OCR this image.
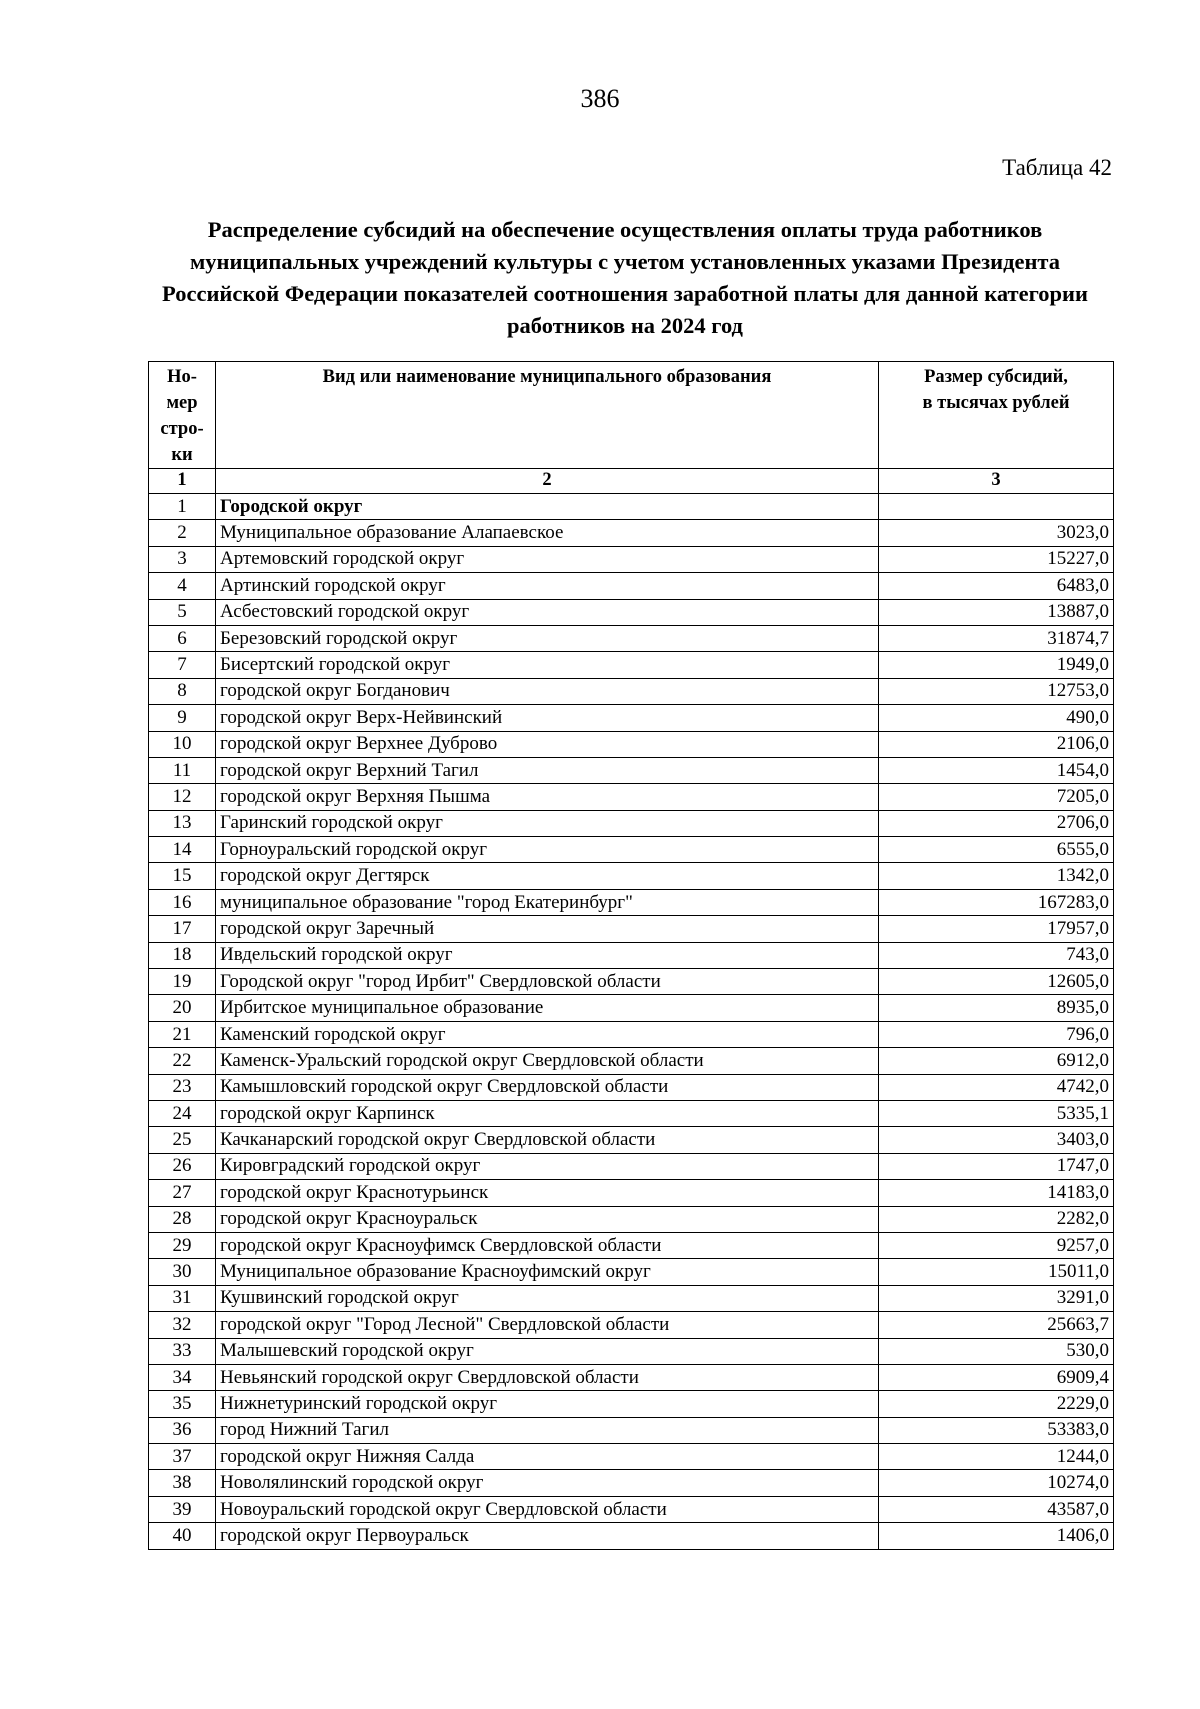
386
Таблица 42
Распределение субсидий на обеспечение осуществления оплаты труда работников муниципальных учреждений культуры с учетом установленных указами Президента Российской Федерации показателей соотношения заработной платы для данной категории работников на 2024 год
Но-
мер
стро-
ки	Вид или наименование муниципального образования	Размер субсидий,
в тысячах рублей
1	2	3
1	Городской округ	
2	Муниципальное образование Алапаевское	3023,0
3	Артемовский городской округ	15227,0
4	Артинский городской округ	6483,0
5	Асбестовский городской округ	13887,0
6	Березовский городской округ	31874,7
7	Бисертский городской округ	1949,0
8	городской округ Богданович	12753,0
9	городской округ Верх-Нейвинский	490,0
10	городской округ Верхнее Дуброво	2106,0
11	городской округ Верхний Тагил	1454,0
12	городской округ Верхняя Пышма	7205,0
13	Гаринский городской округ	2706,0
14	Горноуральский городской округ	6555,0
15	городской округ Дегтярск	1342,0
16	муниципальное образование "город Екатеринбург"	167283,0
17	городской округ Заречный	17957,0
18	Ивдельский городской округ	743,0
19	Городской округ "город Ирбит" Свердловской области	12605,0
20	Ирбитское муниципальное образование	8935,0
21	Каменский городской округ	796,0
22	Каменск-Уральский городской округ Свердловской области	6912,0
23	Камышловский городской округ Свердловской области	4742,0
24	городской округ Карпинск	5335,1
25	Качканарский городской округ Свердловской области	3403,0
26	Кировградский городской округ	1747,0
27	городской округ Краснотурьинск	14183,0
28	городской округ Красноуральск	2282,0
29	городской округ Красноуфимск Свердловской области	9257,0
30	Муниципальное образование Красноуфимский округ	15011,0
31	Кушвинский городской округ	3291,0
32	городской округ "Город Лесной" Свердловской области	25663,7
33	Малышевский городской округ	530,0
34	Невьянский городской округ Свердловской области	6909,4
35	Нижнетуринский городской округ	2229,0
36	город Нижний Тагил	53383,0
37	городской округ Нижняя Салда	1244,0
38	Новолялинский городской округ	10274,0
39	Новоуральский городской округ Свердловской области	43587,0
40	городской округ Первоуральск	1406,0
